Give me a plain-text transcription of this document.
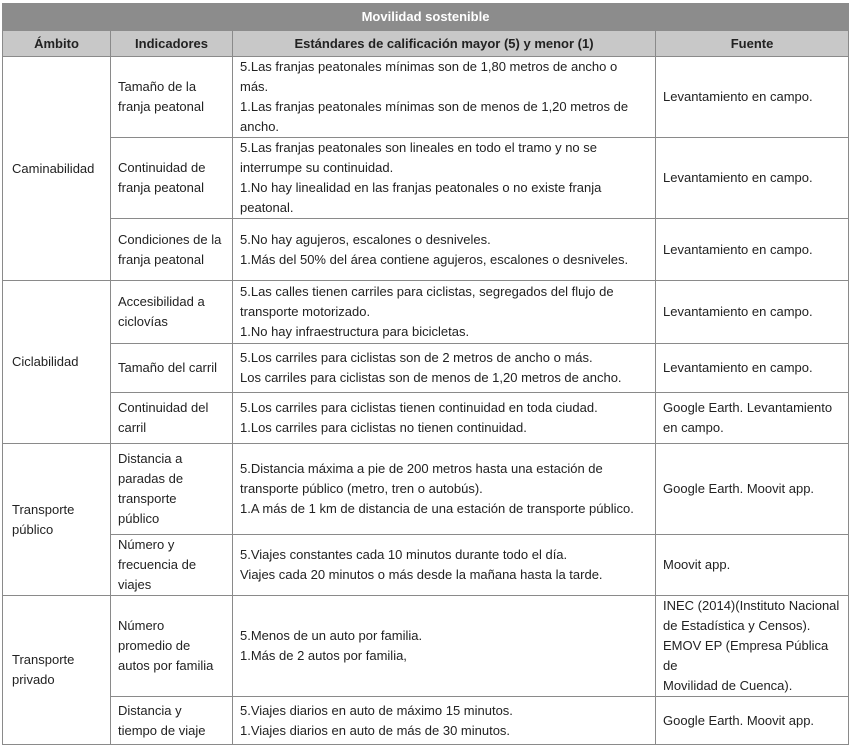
Movilidad sostenible			
Ámbito	Indicadores	Estándares de calificación mayor (5) y menor (1)	Fuente

Caminabilidad	Tamaño de la
franja peatonal	5.Las franjas peatonales mínimas son de 1,80 metros de ancho o más.
1.Las franjas peatonales mínimas son de menos de 1,20 metros de
ancho.	Levantamiento en campo.

	Continuidad de
franja peatonal	5.Las franjas peatonales son lineales en todo el tramo y no se
interrumpe su continuidad.
1.No hay linealidad en las franjas peatonales o no existe franja peatonal.	Levantamiento en campo.

	Condiciones de la
franja peatonal	5.No hay agujeros, escalones o desniveles.
1.Más del 50% del área contiene agujeros, escalones o desniveles.	Levantamiento en campo.

Ciclabilidad	Accesibilidad a
ciclovías	5.Las calles tienen carriles para ciclistas, segregados del flujo de
transporte motorizado.
1.No hay infraestructura para bicicletas.	Levantamiento en campo.

	Tamaño del carril	5.Los carriles para ciclistas son de 2 metros de ancho o más.
Los carriles para ciclistas son de menos de 1,20 metros de ancho.	Levantamiento en campo.

	Continuidad del
carril	5.Los carriles para ciclistas tienen continuidad en toda ciudad.
1.Los carriles para ciclistas no tienen continuidad.	Google Earth. Levantamiento
en campo.

Transporte
público	Distancia a
paradas de
transporte
público	5.Distancia máxima a pie de 200 metros hasta una estación de
transporte público (metro, tren o autobús).
1.A más de 1 km de distancia de una estación de transporte público.	Google Earth. Moovit app.

	Número y
frecuencia de
viajes	5.Viajes constantes cada 10 minutos durante todo el día.
Viajes cada 20 minutos o más desde la mañana hasta la tarde.	Moovit app.

Transporte
privado	Número
promedio de
autos por familia	5.Menos de un auto por familia.
1.Más de 2 autos por familia,	INEC (2014)(Instituto Nacional
de Estadística y Censos).
EMOV EP (Empresa Pública de
Movilidad de Cuenca).

	Distancia y
tiempo de viaje	5.Viajes diarios en auto de máximo 15 minutos.
1.Viajes diarios en auto de más de 30 minutos.	Google Earth. Moovit app.
